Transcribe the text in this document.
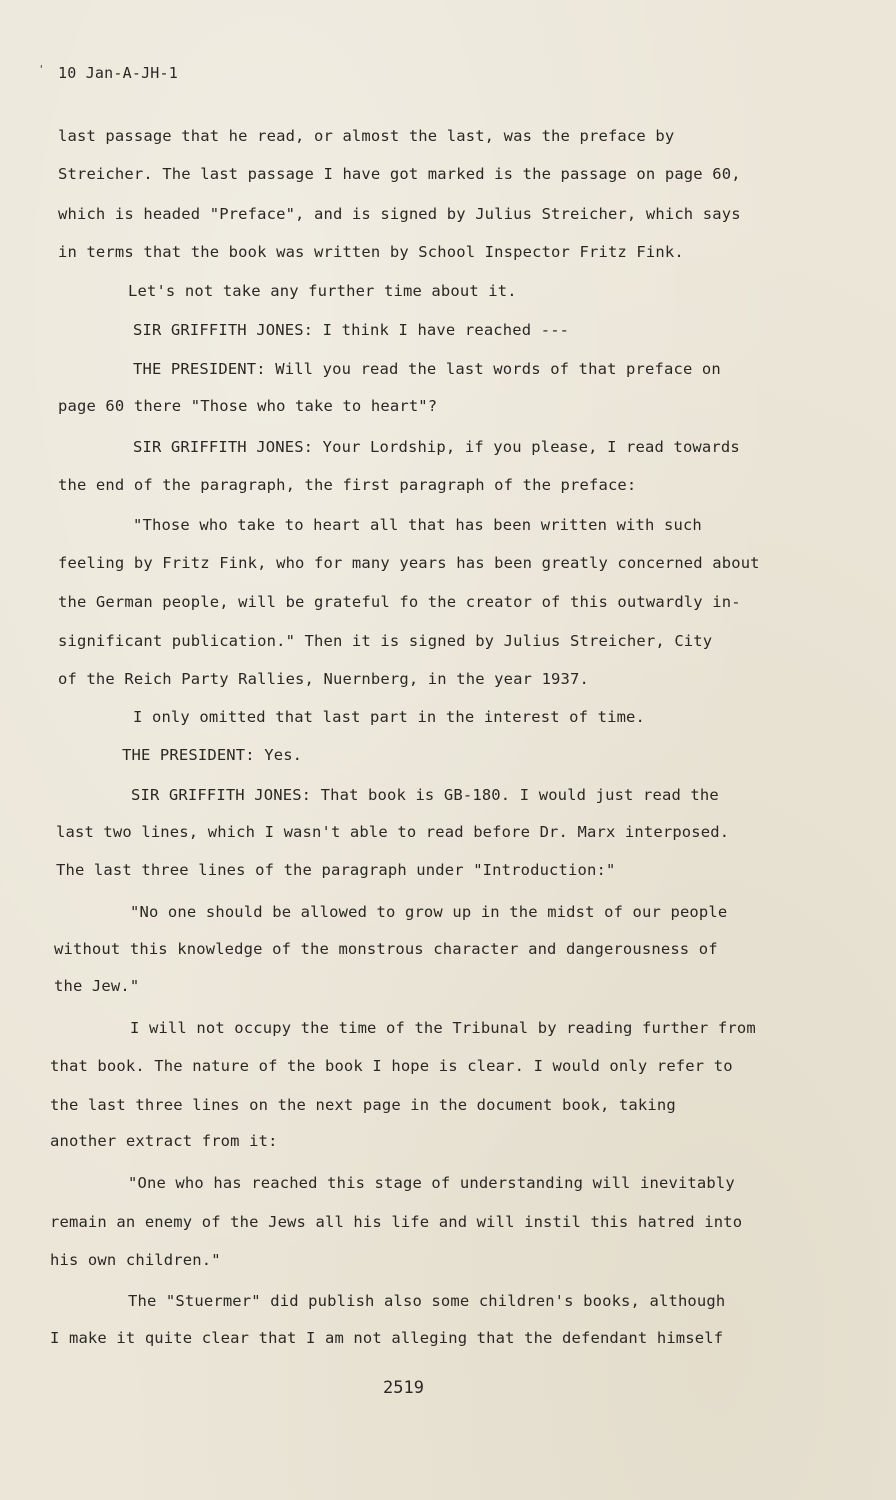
' 10 Jan-A-JH-1
last passage that he read, or almost the last, was the preface by
Streicher. The last passage I have got marked is the passage on page 60,
which is headed "Preface", and is signed by Julius Streicher, which says
in terms that the book was written by School Inspector Fritz Fink.
Let's not take any further time about it.
SIR GRIFFITH JONES: I think I have reached ---
THE PRESIDENT: Will you read the last words of that preface on
page 60 there "Those who take to heart"?
SIR GRIFFITH JONES: Your Lordship, if you please, I read towards
the end of the paragraph, the first paragraph of the preface:
"Those who take to heart all that has been written with such
feeling by Fritz Fink, who for many years has been greatly concerned about
the German people, will be grateful fo the creator of this outwardly in-
significant publication." Then it is signed by Julius Streicher, City
of the Reich Party Rallies, Nuernberg, in the year 1937.
I only omitted that last part in the interest of time.
THE PRESIDENT: Yes.
SIR GRIFFITH JONES: That book is GB-180. I would just read the
last two lines, which I wasn't able to read before Dr. Marx interposed.
The last three lines of the paragraph under "Introduction:"
"No one should be allowed to grow up in the midst of our people
without this knowledge of the monstrous character and dangerousness of
the Jew."
I will not occupy the time of the Tribunal by reading further from
that book. The nature of the book I hope is clear. I would only refer to
the last three lines on the next page in the document book, taking
another extract from it:
"One who has reached this stage of understanding will inevitably
remain an enemy of the Jews all his life and will instil this hatred into
his own children."
The "Stuermer" did publish also some children's books, although
I make it quite clear that I am not alleging that the defendant himself
2519
